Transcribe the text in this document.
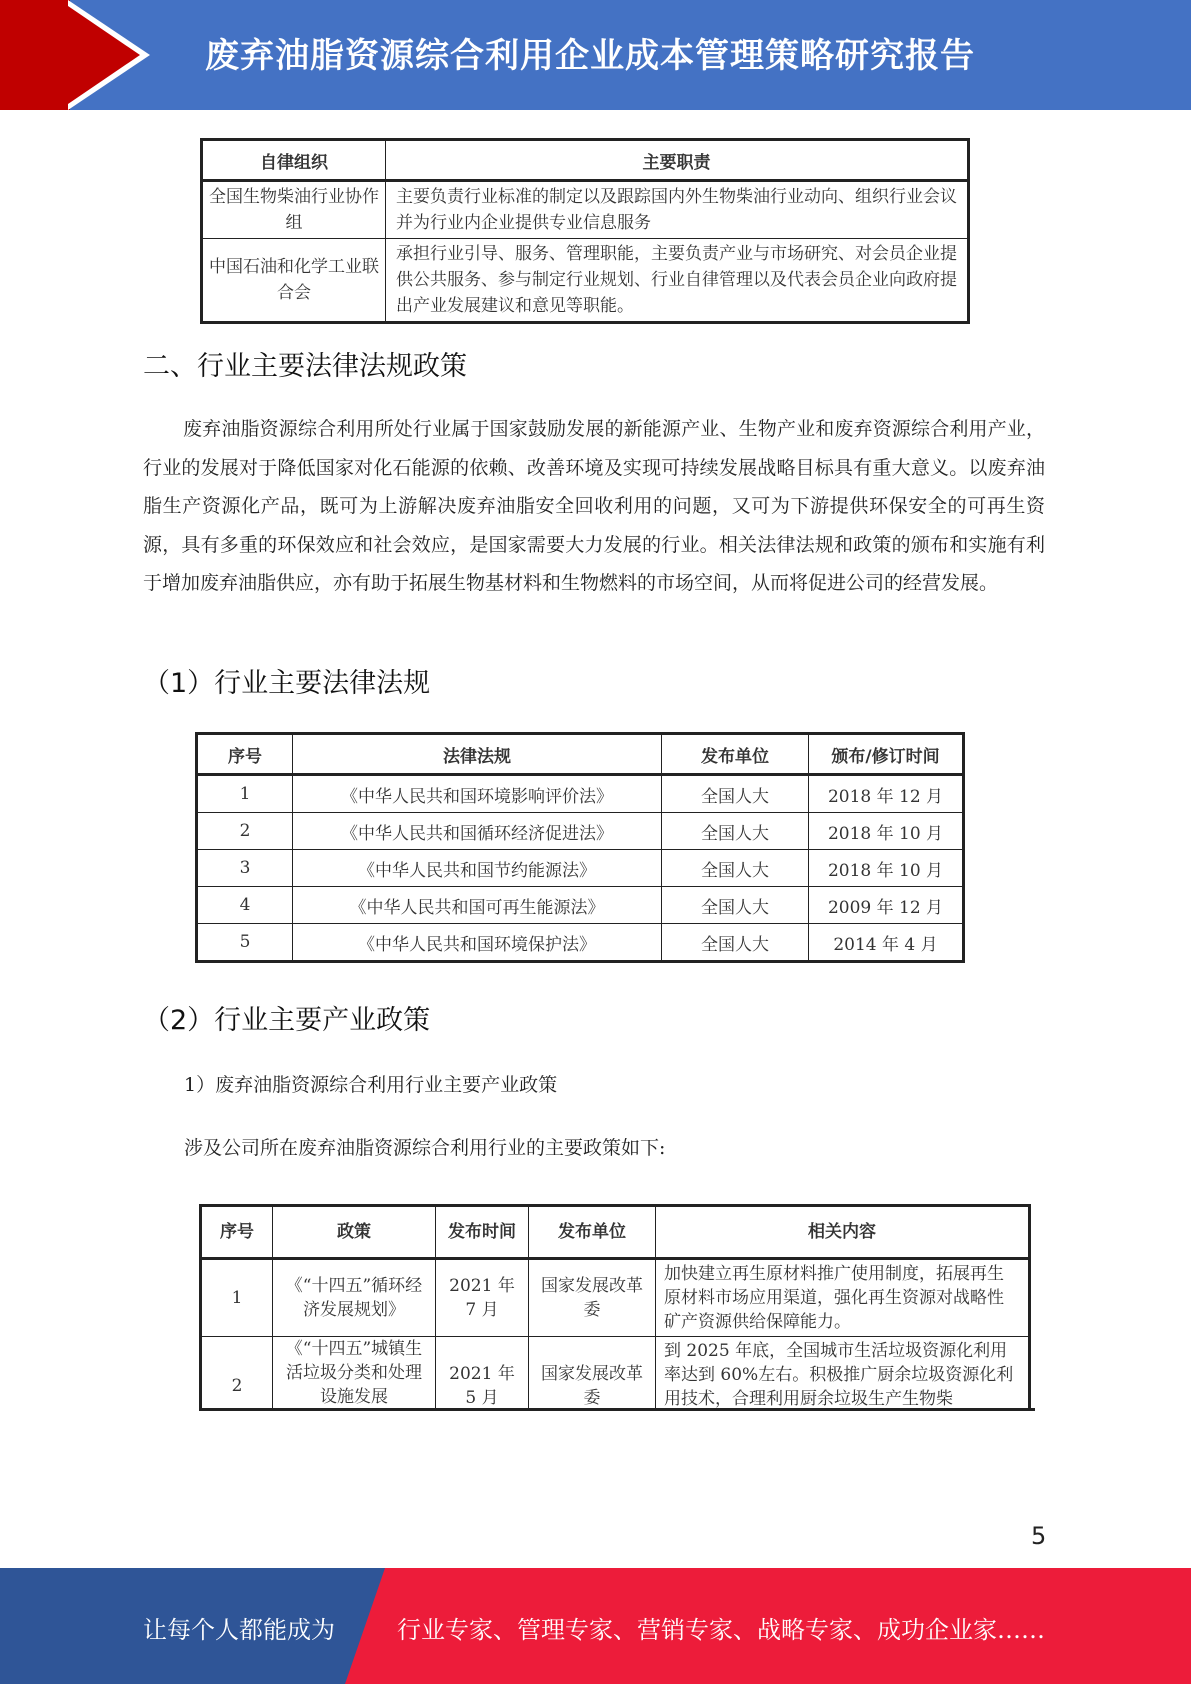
废弃油脂资源综合利用企业成本管理策略研究报告
自律组织	主要职责
全国生物柴油行业协作组	主要负责行业标准的制定以及跟踪国内外生物柴油行业动向、组织行业会议并为行业内企业提供专业信息服务
中国石油和化学工业联合会	承担行业引导、服务、管理职能，主要负责产业与市场研究、对会员企业提供公共服务、参与制定行业规划、行业自律管理以及代表会员企业向政府提出产业发展建议和意见等职能。
二、行业主要法律法规政策

废弃油脂资源综合利用所处行业属于国家鼓励发展的新能源产业、生物产业和废弃资源综合利用产业，行业的发展对于降低国家对化石能源的依赖、改善环境及实现可持续发展战略目标具有重大意义。以废弃油脂生产资源化产品，既可为上游解决废弃油脂安全回收利用的问题，又可为下游提供环保安全的可再生资源，具有多重的环保效应和社会效应，是国家需要大力发展的行业。相关法律法规和政策的颁布和实施有利于增加废弃油脂供应，亦有助于拓展生物基材料和生物燃料的市场空间，从而将促进公司的经营发展。

（1）行业主要法律法规
序号	法律法规	发布单位	颁布/修订时间
1	《中华人民共和国环境影响评价法》	全国人大	2018 年 12 月
2	《中华人民共和国循环经济促进法》	全国人大	2018 年 10 月
3	《中华人民共和国节约能源法》	全国人大	2018 年 10 月
4	《中华人民共和国可再生能源法》	全国人大	2009 年 12 月
5	《中华人民共和国环境保护法》	全国人大	2014 年 4 月
（2）行业主要产业政策
1）废弃油脂资源综合利用行业主要产业政策
涉及公司所在废弃油脂资源综合利用行业的主要政策如下:
序号	政策	发布时间	发布单位	相关内容
1	《“十四五”循环经济发展规划》	2021 年 7 月	国家发展改革委	加快建立再生原材料推广使用制度，拓展再生原材料市场应用渠道，强化再生资源对战略性矿产资源供给保障能力。
2	《“十四五”城镇生活垃圾分类和处理设施发展	2021 年 5 月	国家发展改革委	到 2025 年底，全国城市生活垃圾资源化利用率达到 60%左右。积极推广厨余垃圾资源化利用技术，合理利用厨余垃圾生产生物柴
5
让每个人都能成为	行业专家、管理专家、营销专家、战略专家、成功企业家……
